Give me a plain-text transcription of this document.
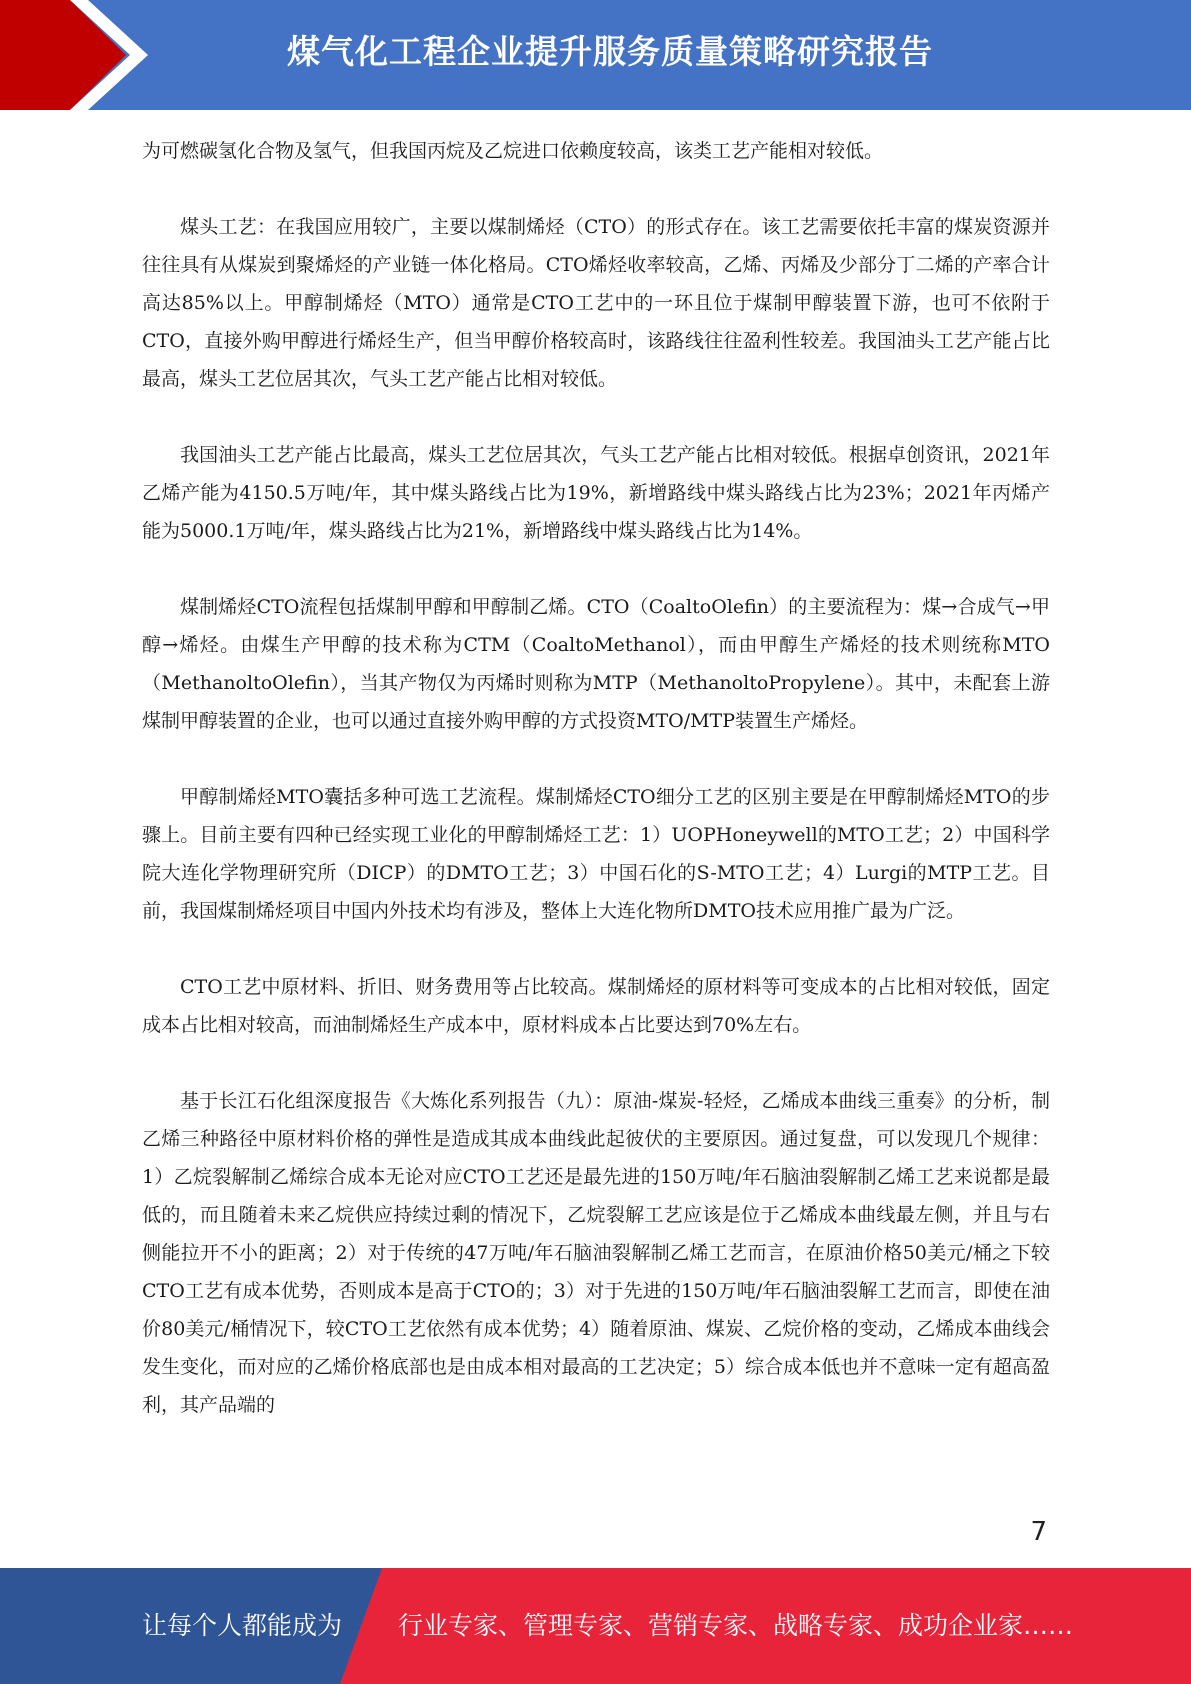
煤气化工程企业提升服务质量策略研究报告

为可燃碳氢化合物及氢气，但我国丙烷及乙烷进口依赖度较高，该类工艺产能相对较低。

煤头工艺：在我国应用较广，主要以煤制烯烃（CTO）的形式存在。该工艺需要依托丰富的煤炭资源并往往具有从煤炭到聚烯烃的产业链一体化格局。CTO烯烃收率较高，乙烯、丙烯及少部分丁二烯的产率合计高达85%以上。甲醇制烯烃（MTO）通常是CTO工艺中的一环且位于煤制甲醇装置下游，也可不依附于CTO，直接外购甲醇进行烯烃生产，但当甲醇价格较高时，该路线往往盈利性较差。我国油头工艺产能占比最高，煤头工艺位居其次，气头工艺产能占比相对较低。

我国油头工艺产能占比最高，煤头工艺位居其次，气头工艺产能占比相对较低。根据卓创资讯，2021年乙烯产能为4150.5万吨/年，其中煤头路线占比为19%，新增路线中煤头路线占比为23%；2021年丙烯产能为5000.1万吨/年，煤头路线占比为21%，新增路线中煤头路线占比为14%。

煤制烯烃CTO流程包括煤制甲醇和甲醇制乙烯。CTO（CoaltoOlefin）的主要流程为：煤→合成气→甲醇→烯烃。由煤生产甲醇的技术称为CTM（CoaltoMethanol），而由甲醇生产烯烃的技术则统称MTO（MethanoltoOlefin），当其产物仅为丙烯时则称为MTP（MethanoltoPropylene）。其中，未配套上游煤制甲醇装置的企业，也可以通过直接外购甲醇的方式投资MTO/MTP装置生产烯烃。

甲醇制烯烃MTO囊括多种可选工艺流程。煤制烯烃CTO细分工艺的区别主要是在甲醇制烯烃MTO的步骤上。目前主要有四种已经实现工业化的甲醇制烯烃工艺：1）UOPHoneywell的MTO工艺；2）中国科学院大连化学物理研究所（DICP）的DMTO工艺；3）中国石化的S-MTO工艺；4）Lurgi的MTP工艺。目前，我国煤制烯烃项目中国内外技术均有涉及，整体上大连化物所DMTO技术应用推广最为广泛。

CTO工艺中原材料、折旧、财务费用等占比较高。煤制烯烃的原材料等可变成本的占比相对较低，固定成本占比相对较高，而油制烯烃生产成本中，原材料成本占比要达到70%左右。

基于长江石化组深度报告《大炼化系列报告（九）：原油-煤炭-轻烃，乙烯成本曲线三重奏》的分析，制乙烯三种路径中原材料价格的弹性是造成其成本曲线此起彼伏的主要原因。通过复盘，可以发现几个规律：1）乙烷裂解制乙烯综合成本无论对应CTO工艺还是最先进的150万吨/年石脑油裂解制乙烯工艺来说都是最低的，而且随着未来乙烷供应持续过剩的情况下，乙烷裂解工艺应该是位于乙烯成本曲线最左侧，并且与右侧能拉开不小的距离；2）对于传统的47万吨/年石脑油裂解制乙烯工艺而言，在原油价格50美元/桶之下较CTO工艺有成本优势，否则成本是高于CTO的；3）对于先进的150万吨/年石脑油裂解工艺而言，即使在油价80美元/桶情况下，较CTO工艺依然有成本优势；4）随着原油、煤炭、乙烷价格的变动，乙烯成本曲线会发生变化，而对应的乙烯价格底部也是由成本相对最高的工艺决定；5）综合成本低也并不意味一定有超高盈利，其产品端的

7
让每个人都能成为 行业专家、管理专家、营销专家、战略专家、成功企业家……
